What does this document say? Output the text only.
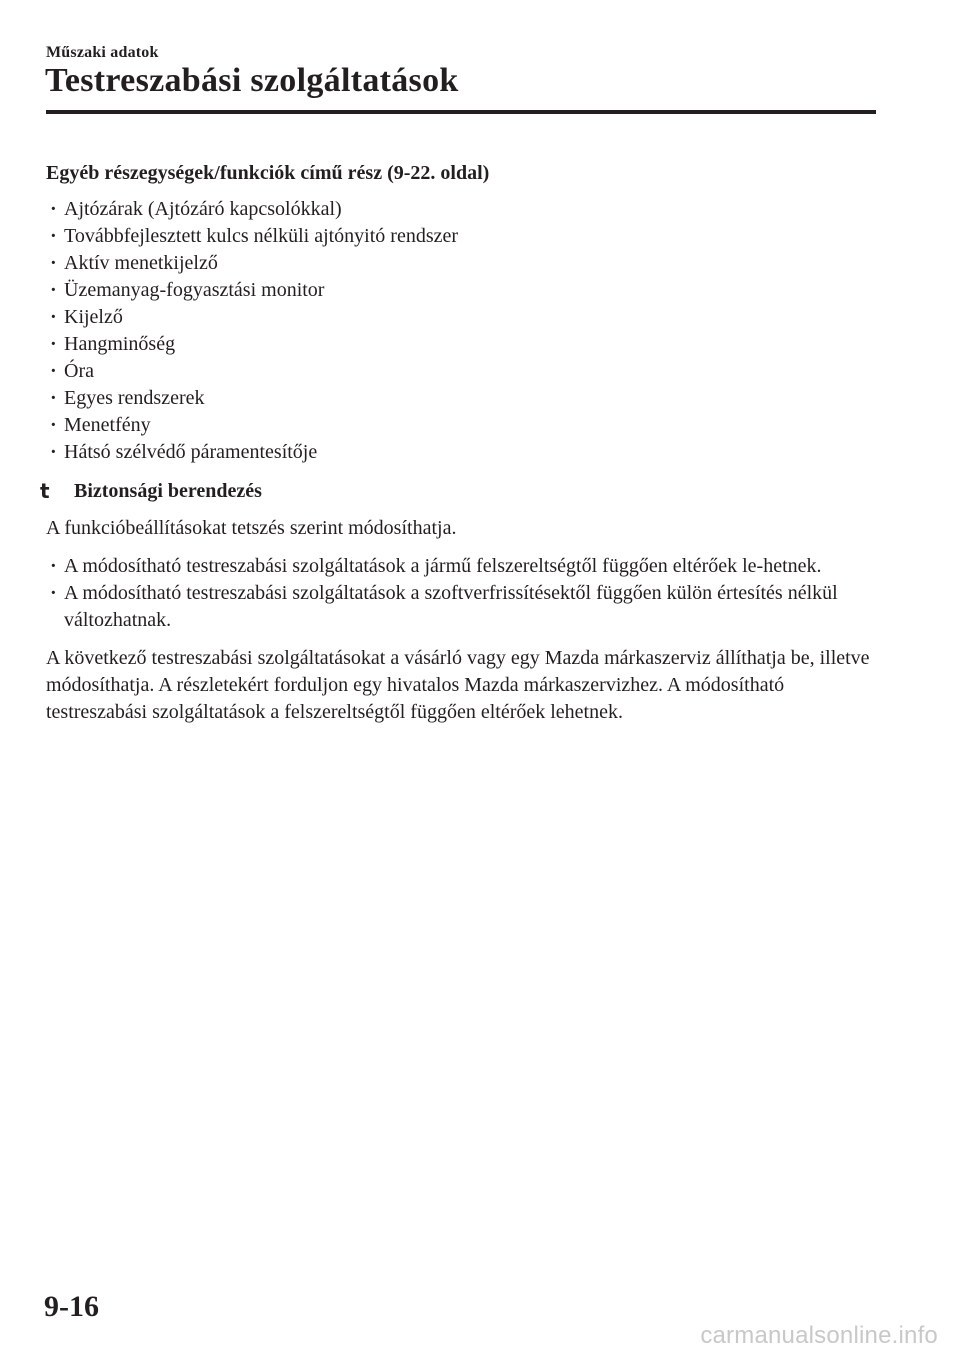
Műszaki adatok
Testreszabási szolgáltatások
Egyéb részegységek/funkciók című rész (9-22. oldal)
· Ajtózárak (Ajtózáró kapcsolókkal)
· Továbbfejlesztett kulcs nélküli ajtónyitó rendszer
· Aktív menetkijelző
· Üzemanyag-fogyasztási monitor
· Kijelző
· Hangminőség
· Óra
· Egyes rendszerek
· Menetfény
· Hátsó szélvédő páramentesítője
t Biztonsági berendezés

A funkcióbeállításokat tetszés szerint módosíthatja.

· A módosítható testreszabási szolgáltatások a jármű felszereltségtől függően eltérőek le-hetnek.
· A módosítható testreszabási szolgáltatások a szoftverfrissítésektől függően külön értesítés nélkül változhatnak.

A következő testreszabási szolgáltatásokat a vásárló vagy egy Mazda márkaszerviz állíthatja be, illetve módosíthatja. A részletekért forduljon egy hivatalos Mazda márkaszervizhez. A módosítható testreszabási szolgáltatások a felszereltségtől függően eltérőek lehetnek.

9-16
carmanualsonline.info
